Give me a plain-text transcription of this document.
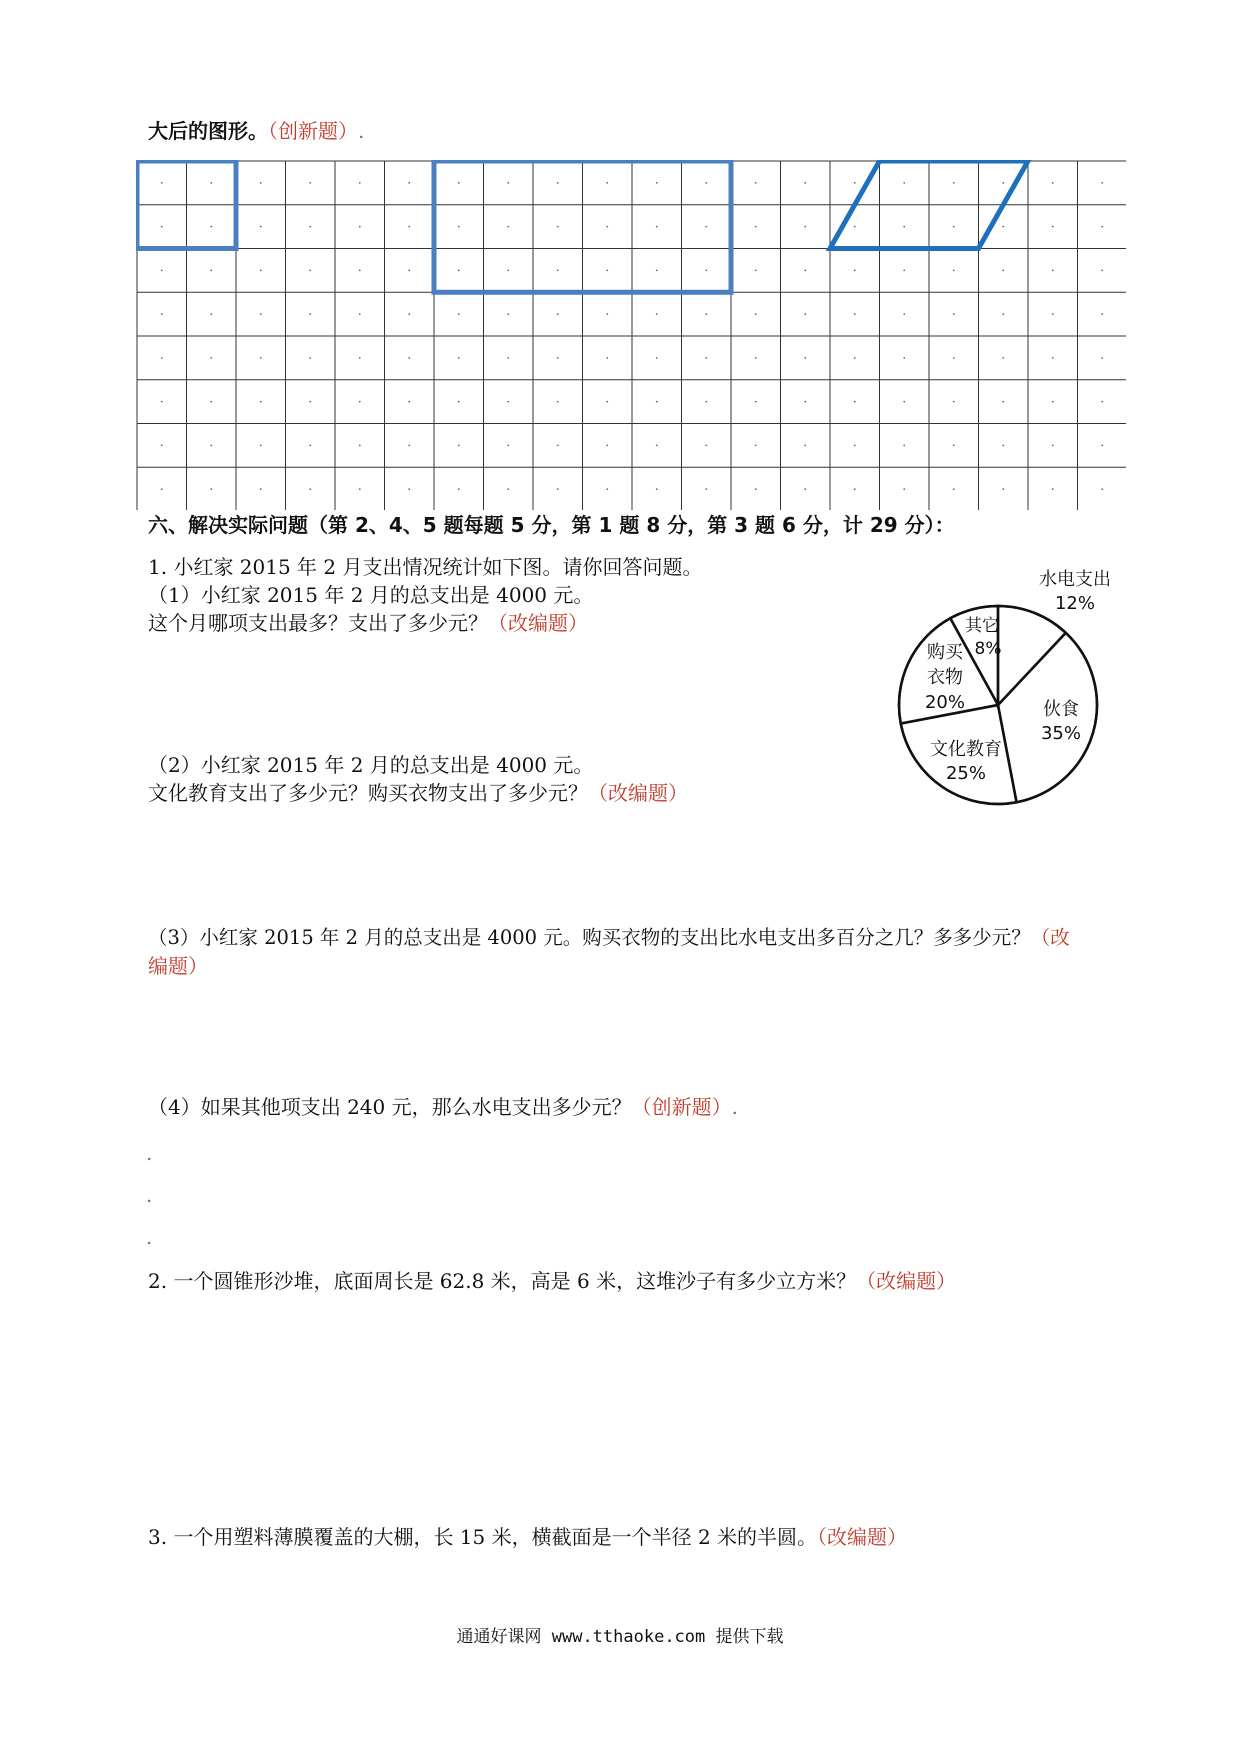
大后的图形。（创新题）.
六、解决实际问题（第 2、4、5 题每题 5 分，第 1 题 8 分，第 3 题 6 分，计 29 分）：
1. 小红家 2015 年 2 月支出情况统计如下图。请你回答问题。
（1）小红家 2015 年 2 月的总支出是 4000 元。
这个月哪项支出最多？支出了多少元？（改编题）
（2）小红家 2015 年 2 月的总支出是 4000 元。
文化教育支出了多少元？购买衣物支出了多少元？（改编题）
（3）小红家 2015 年 2 月的总支出是 4000 元。购买衣物的支出比水电支出多百分之几？多多少元？（改
编题）
（4）如果其他项支出 240 元，那么水电支出多少元？（创新题）.
.
.
.
水电支出
12%
伙食
35%
文化教育
25%
购买衣物
20%
其它
8%
2. 一个圆锥形沙堆，底面周长是 62.8 米，高是 6 米，这堆沙子有多少立方米？（改编题）
3. 一个用塑料薄膜覆盖的大棚，长 15 米，横截面是一个半径 2 米的半圆。（改编题）
通通好课网 www.tthaoke.com 提供下载
